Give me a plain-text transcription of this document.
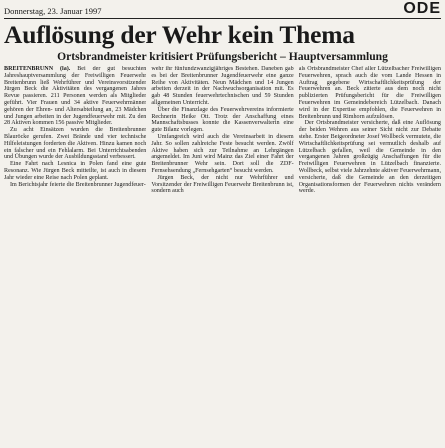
Donnerstag, 23. Januar 1997	ODE
Auflösung der Wehr kein Thema
Ortsbrandmeister kritisiert Prüfungsbericht – Hauptversammlung

BREITENBRUNN (la). Bei der gut besuchten Jahreshauptversammlung der Freiwilligen Feuerwehr Breitenbrunn ließ Wehrführer und Vereinsvorsitzender Jürgen Beck die Aktivitäten des vergangenen Jahres Revue passieren. 211 Personen werden als Mitglieder geführt. Vier Frauen und 34 aktive Feuerwehrmänner gehören der Ehren- und Altersabteilung an, 23 Mädchen und Jungen arbeiten in der Jugendfeuerwehr mit. Zu den 28 Aktiven kommen 156 passive Mitglieder.

Zu acht Einsätzen wurden die Breitenbrunner Blauröcke gerufen. Zwei Brände und vier technische Hilfeleistungen forderten die Aktiven. Hinzu kamen noch ein falscher und ein Fehlalarm. Bei Unterrichtsabenden und Übungen wurde der Ausbildungsstand verbessert.

Eine Fahrt nach Lesnica in Polen fand eine gute Resonanz. Wie Jürgen Beck mitteilte, ist auch in diesem Jahr wieder eine Reise nach Polen geplant.

Im Berichtsjahr feierte die Breitenbrunner Jugendfeuer-

wehr ihr fünfundzwanzigjähriges Bestehen. Daneben gab es bei der Breitenbrunner Jugendfeuerwehr eine ganze Reihe von Aktivitäten. Neun Mädchen und 14 Jungen arbeiten derzeit in der Nachwuchsorganisation mit. Es gab 48 Stunden feuerwehrtechnischen und 59 Stunden allgemeinen Unterricht.

Über die Finanzlage des Feuerwehrvereins informierte Rechnerin Heike Ott. Trotz der Anschaffung eines Mannschaftsbusses konnte die Kassenverwalterin eine gute Bilanz vorlegen.

Umfangreich wird auch die Vereinsarbeit in diesem Jahr. So sollen zahlreiche Feste besucht werden. Zwölf Aktive haben sich zur Teilnahme an Lehrgängen angemeldet. Im Juni wird Mainz das Ziel einer Fahrt der Breitenbrunner Wehr sein. Dort soll die ZDF-Fernsehsendung „Fernsehgarten“ besucht werden.

Jürgen Beck, der nicht nur Wehrführer und Vorsitzender der Freiwilligen Feuerwehr Breitenbrunn ist, sondern auch

als Ortsbrandmeister Chef aller Lützelbacher Freiwilligen Feuerwehren, sprach auch die vom Lande Hessen in Auftrag gegebene Wirtschaftlichkeitsprüfung der Feuerwehren an. Beck zitierte aus dem noch nicht publizierten Prüfungsbericht für die Freiwilligen Feuerwehren im Gemeindebereich Lützelbach. Danach wird in der Expertise empfohlen, die Feuerwehren in Breitenbrunn und Rimhorn aufzulösen.

Der Ortsbrandmeister versicherte, daß eine Auflösung der beiden Wehren aus seiner Sicht nicht zur Debatte stehe. Erster Beigeordneter Josef Wollbeck vermutete, die Wirtschaftlichkeitsprüfung sei vermutlich deshalb auf Lützelbach gefallen, weil die Gemeinde in den vergangenen Jahren großzügig Anschaffungen für die Freiwilligen Feuerwehren in Lützelbach finanzierte. Wollbeck, selbst viele Jahrzehnte aktiver Feuerwehrmann, versicherte, daß die Gemeinde an den derzeitigen Organisationsformen der Feuerwehren nichts verändern werde.
